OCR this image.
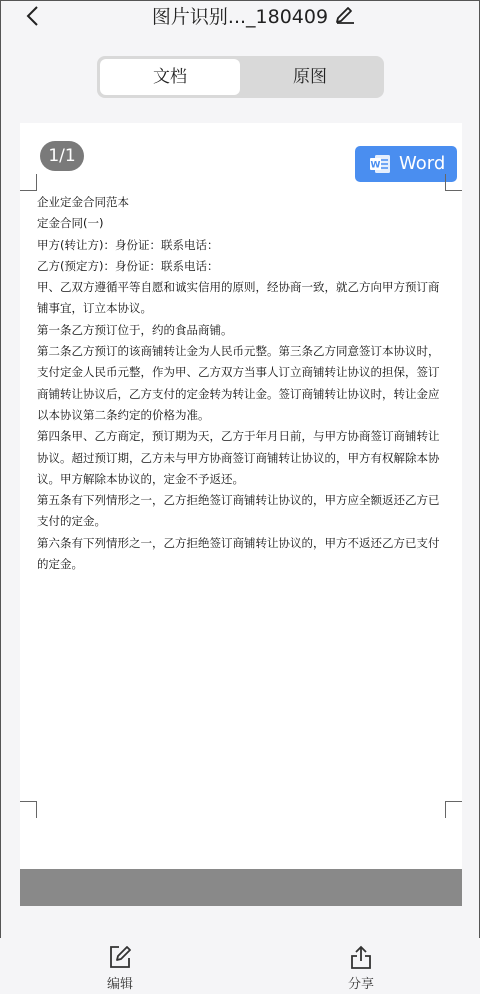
图片识别..._180409
文档	原图
1/1	W Word

企业定金合同范本

定金合同(一)

甲方(转让方)：身份证：联系电话：

乙方(预定方)：身份证：联系电话：

甲、乙双方遵循平等自愿和诚实信用的原则，经协商一致，就乙方向甲方预订商铺事宜，订立本协议。

第一条乙方预订位于，约的食品商铺。

第二条乙方预订的该商铺转让金为人民币元整。第三条乙方同意签订本协议时，支付定金人民币元整，作为甲、乙方双方当事人订立商铺转让协议的担保，签订商铺转让协议后，乙方支付的定金转为转让金。签订商铺转让协议时，转让金应以本协议第二条约定的价格为准。

第四条甲、乙方商定，预订期为天，乙方于年月日前，与甲方协商签订商铺转让协议。超过预订期，乙方未与甲方协商签订商铺转让协议的，甲方有权解除本协议。甲方解除本协议的，定金不予返还。

第五条有下列情形之一，乙方拒绝签订商铺转让协议的，甲方应全额返还乙方已支付的定金。

第六条有下列情形之一，乙方拒绝签订商铺转让协议的，甲方不返还乙方已支付的定金。

编辑	分享
